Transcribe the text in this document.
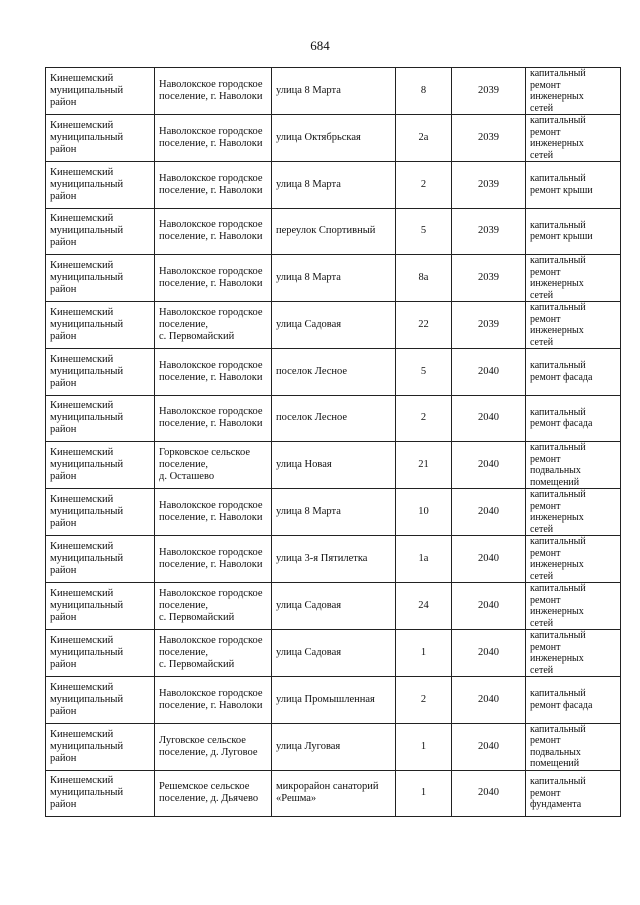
684
Кинешемский
муниципальный
район	Наволокское городское
поселение, г. Наволоки	улица 8 Марта	8	2039	капитальный
ремонт
инженерных
сетей

Кинешемский
муниципальный
район	Наволокское городское
поселение, г. Наволоки	улица Октябрьская	2а	2039	капитальный
ремонт
инженерных
сетей

Кинешемский
муниципальный
район	Наволокское городское
поселение, г. Наволоки	улица 8 Марта	2	2039	капитальный
ремонт крыши

Кинешемский
муниципальный
район	Наволокское городское
поселение, г. Наволоки	переулок Спортивный	5	2039	капитальный
ремонт крыши

Кинешемский
муниципальный
район	Наволокское городское
поселение, г. Наволоки	улица 8 Марта	8а	2039	капитальный
ремонт
инженерных
сетей

Кинешемский
муниципальный
район	Наволокское городское
поселение,
с. Первомайский	улица Садовая	22	2039	капитальный
ремонт
инженерных
сетей

Кинешемский
муниципальный
район	Наволокское городское
поселение, г. Наволоки	поселок Лесное	5	2040	капитальный
ремонт фасада

Кинешемский
муниципальный
район	Наволокское городское
поселение, г. Наволоки	поселок Лесное	2	2040	капитальный
ремонт фасада

Кинешемский
муниципальный
район	Горковское сельское
поселение,
д. Осташево	улица Новая	21	2040	капитальный
ремонт
подвальных
помещений

Кинешемский
муниципальный
район	Наволокское городское
поселение, г. Наволоки	улица 8 Марта	10	2040	капитальный
ремонт
инженерных
сетей

Кинешемский
муниципальный
район	Наволокское городское
поселение, г. Наволоки	улица 3-я Пятилетка	1а	2040	капитальный
ремонт
инженерных
сетей

Кинешемский
муниципальный
район	Наволокское городское
поселение,
с. Первомайский	улица Садовая	24	2040	капитальный
ремонт
инженерных
сетей

Кинешемский
муниципальный
район	Наволокское городское
поселение,
с. Первомайский	улица Садовая	1	2040	капитальный
ремонт
инженерных
сетей

Кинешемский
муниципальный
район	Наволокское городское
поселение, г. Наволоки	улица Промышленная	2	2040	капитальный
ремонт фасада

Кинешемский
муниципальный
район	Луговское сельское
поселение, д. Луговое	улица Луговая	1	2040	капитальный
ремонт
подвальных
помещений

Кинешемский
муниципальный
район	Решемское сельское
поселение, д. Дьячево	микрорайон санаторий
«Решма»	1	2040	капитальный
ремонт
фундамента
